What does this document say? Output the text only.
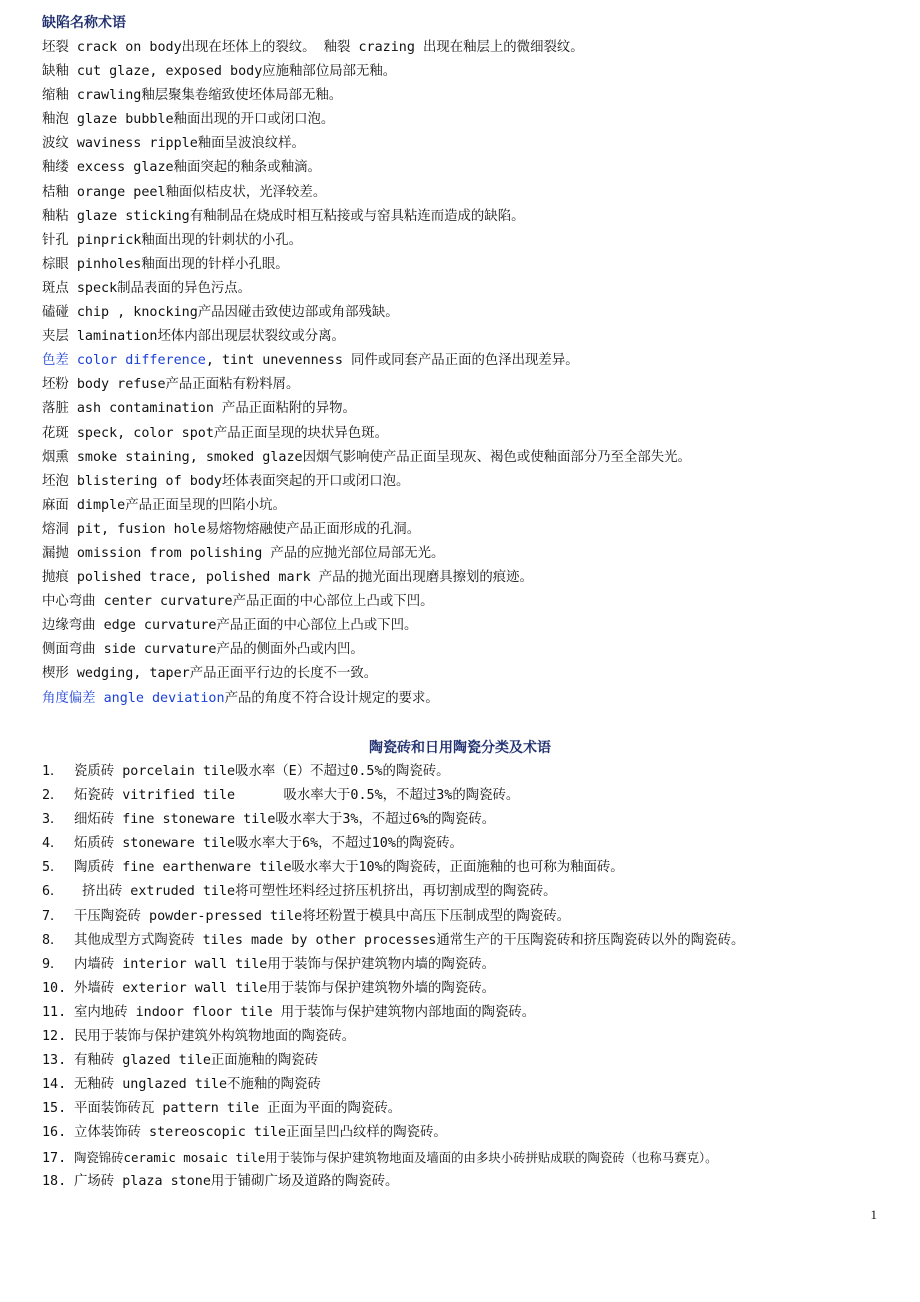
缺陷名称术语
坯裂 crack on body出现在坯体上的裂纹。 釉裂 crazing 出现在釉层上的微细裂纹。
缺釉 cut glaze, exposed body应施釉部位局部无釉。
缩釉 crawling釉层聚集卷缩致使坯体局部无釉。
釉泡 glaze bubble釉面出现的开口或闭口泡。
波纹 waviness ripple釉面呈波浪纹样。
釉缕 excess glaze釉面突起的釉条或釉滴。
桔釉 orange peel釉面似桔皮状，光泽较差。
釉粘 glaze sticking有釉制品在烧成时相互粘接或与窑具粘连而造成的缺陷。
针孔 pinprick釉面出现的针刺状的小孔。
棕眼 pinholes釉面出现的针样小孔眼。
斑点 speck制品表面的异色污点。
磕碰 chip , knocking产品因碰击致使边部或角部残缺。
夹层 lamination坯体内部出现层状裂纹或分离。
色差 color difference, tint unevenness 同件或同套产品正面的色泽出现差异。
坯粉 body refuse产品正面粘有粉料屑。
落脏 ash contamination 产品正面粘附的异物。
花斑 speck, color spot产品正面呈现的块状异色斑。
烟熏 smoke staining, smoked glaze因烟气影响使产品正面呈现灰、褐色或使釉面部分乃至全部失光。
坯泡 blistering of body坯体表面突起的开口或闭口泡。
麻面 dimple产品正面呈现的凹陷小坑。
熔洞 pit, fusion hole易熔物熔融使产品正面形成的孔洞。
漏抛 omission from polishing 产品的应抛光部位局部无光。
抛痕 polished trace, polished mark 产品的抛光面出现磨具擦划的痕迹。
中心弯曲 center curvature产品正面的中心部位上凸或下凹。
边缘弯曲 edge curvature产品正面的中心部位上凸或下凹。
侧面弯曲 side curvature产品的侧面外凸或内凹。
楔形 wedging, taper产品正面平行边的长度不一致。
角度偏差 angle deviation产品的角度不符合设计规定的要求。
陶瓷砖和日用陶瓷分类及术语
1． 瓷质砖 porcelain tile吸水率（E）不超过0.5%的陶瓷砖。
2． 炻瓷砖 vitrified tile      吸水率大于0.5%，不超过3%的陶瓷砖。
3． 细炻砖 fine stoneware tile吸水率大于3%，不超过6%的陶瓷砖。
4． 炻质砖 stoneware tile吸水率大于6%，不超过10%的陶瓷砖。
5． 陶质砖 fine earthenware tile吸水率大于10%的陶瓷砖，正面施釉的也可称为釉面砖。
6． 挤出砖 extruded tile将可塑性坯料经过挤压机挤出，再切割成型的陶瓷砖。
7． 干压陶瓷砖 powder-pressed tile将坯粉置于模具中高压下压制成型的陶瓷砖。
8． 其他成型方式陶瓷砖 tiles made by other processes通常生产的干压陶瓷砖和挤压陶瓷砖以外的陶瓷砖。
9． 内墙砖 interior wall tile用于装饰与保护建筑物内墙的陶瓷砖。
10. 外墙砖 exterior wall tile用于装饰与保护建筑物外墙的陶瓷砖。
11. 室内地砖 indoor floor tile 用于装饰与保护建筑物内部地面的陶瓷砖。
12. 民用于装饰与保护建筑外构筑物地面的陶瓷砖。
13. 有釉砖 glazed tile正面施釉的陶瓷砖
14. 无釉砖 unglazed tile不施釉的陶瓷砖
15. 平面装饰砖瓦 pattern tile 正面为平面的陶瓷砖。
16. 立体装饰砖 stereoscopic tile正面呈凹凸纹样的陶瓷砖。
17. 陶瓷锦砖ceramic mosaic tile用于装饰与保护建筑物地面及墙面的由多块小砖拼贴成联的陶瓷砖（也称马赛克）。
18. 广场砖 plaza stone用于铺砌广场及道路的陶瓷砖。
1
